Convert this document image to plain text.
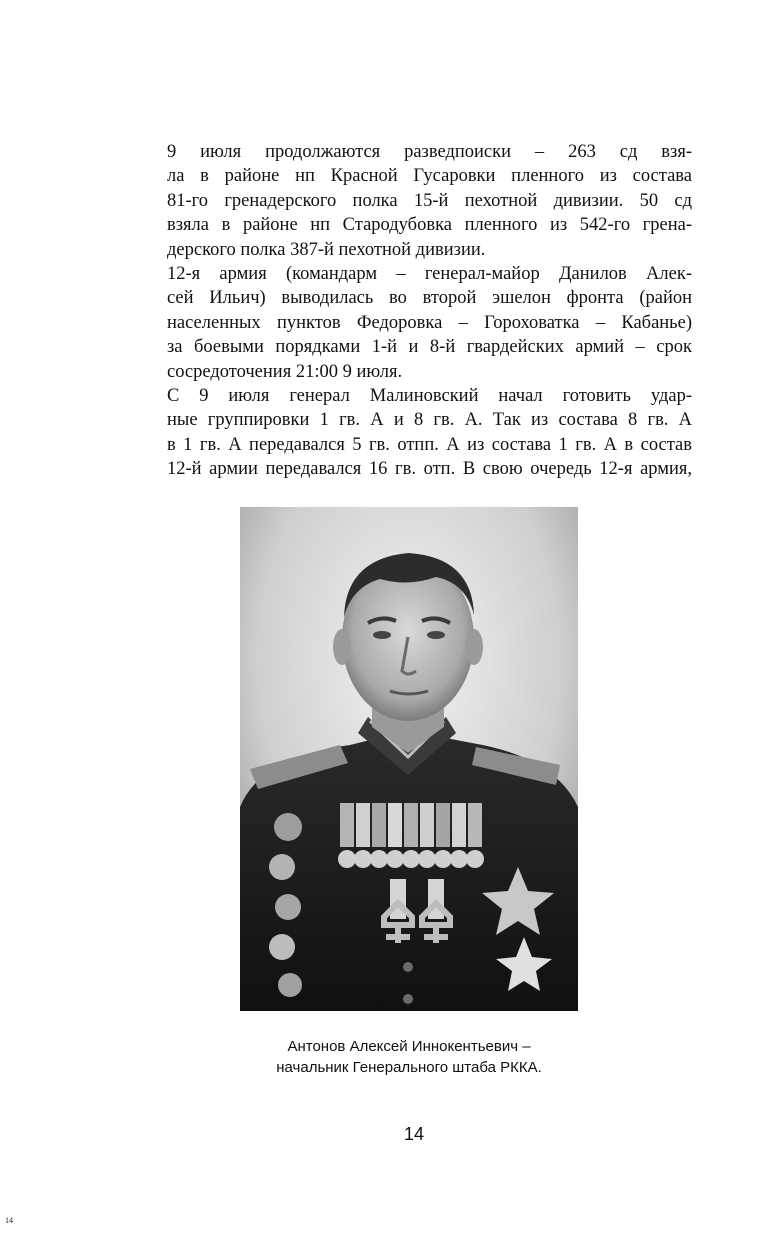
9 июля продолжаются разведпоиски – 263 сд взя-
ла в районе нп Красной Гусаровки пленного из состава
81-го гренадерского полка 15-й пехотной дивизии. 50 сд
взяла в районе нп Стародубовка пленного из 542-го грена-
дерского полка 387-й пехотной дивизии.

12-я армия (командарм – генерал-майор Данилов Алек-
сей Ильич) выводилась во второй эшелон фронта (район
населенных пунктов Федоровка – Гороховатка – Кабанье)
за боевыми порядками 1-й и 8-й гвардейских армий – срок
сосредоточения 21:00 9 июля.

С 9 июля генерал Малиновский начал готовить удар-
ные группировки 1 гв. А и 8 гв. А. Так из состава 8 гв. А
в 1 гв. А передавался 5 гв. отпп. А из состава 1 гв. А в состав
12-й армии передавался 16 гв. отп. В свою очередь 12-я армия,

Антонов Алексей Иннокентьевич –
начальник Генерального штаба РККА.
14
14
